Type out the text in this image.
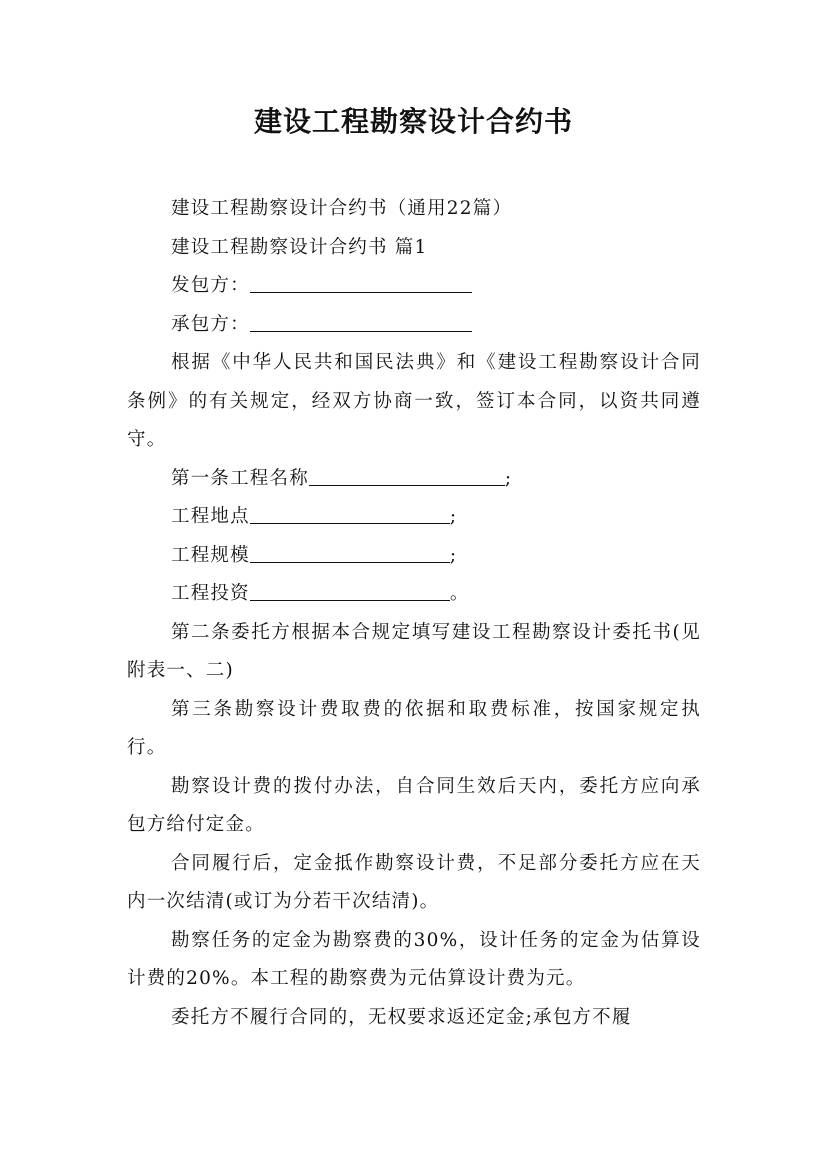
建设工程勘察设计合约书

建设工程勘察设计合约书（通用22篇）

建设工程勘察设计合约书 篇1

发包方：

承包方：

根据《中华人民共和国民法典》和《建设工程勘察设计合同条例》的有关规定，经双方协商一致，签订本合同，以资共同遵守。

第一条工程名称	;

工程地点	;

工程规模	;

工程投资	。

第二条委托方根据本合规定填写建设工程勘察设计委托书(见附表一、二)

第三条勘察设计费取费的依据和取费标准，按国家规定执行。

勘察设计费的拨付办法，自合同生效后天内，委托方应向承包方给付定金。

合同履行后，定金抵作勘察设计费，不足部分委托方应在天内一次结清(或订为分若干次结清)。

勘察任务的定金为勘察费的30%，设计任务的定金为估算设计费的20%。本工程的勘察费为元估算设计费为元。

委托方不履行合同的，无权要求返还定金;承包方不履
